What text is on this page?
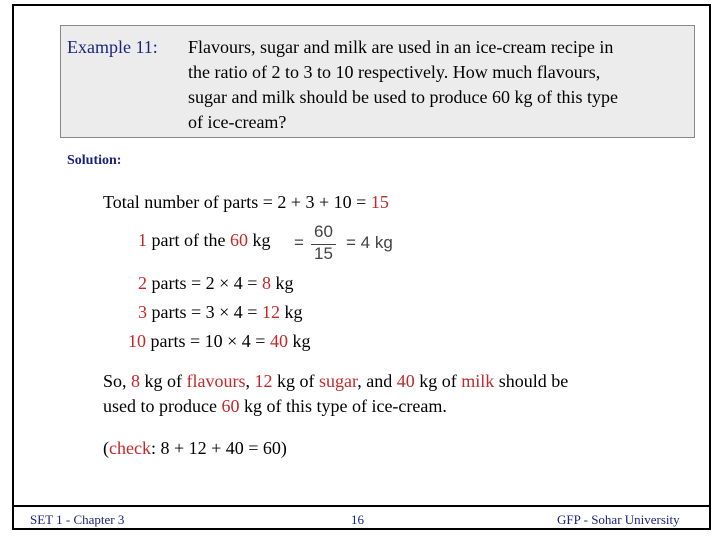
Example 11: Flavours, sugar and milk are used in an ice-cream recipe in
the ratio of 2 to 3 to 10 respectively. How much flavours,
sugar and milk should be used to produce 60 kg of this type
of ice-cream?
Solution:
Total number of parts = 2 + 3 + 10 = 15
1 part of the 60 kg =
60
15
= 4 kg
2 parts = 2 × 4 = 8 kg
3 parts = 3 × 4 = 12 kg
10 parts = 10 × 4 = 40 kg
So, 8 kg of flavours, 12 kg of sugar, and 40 kg of milk should be
used to produce 60 kg of this type of ice-cream.
(check: 8 + 12 + 40 = 60)
SET 1 - Chapter 3	16	GFP - Sohar University
